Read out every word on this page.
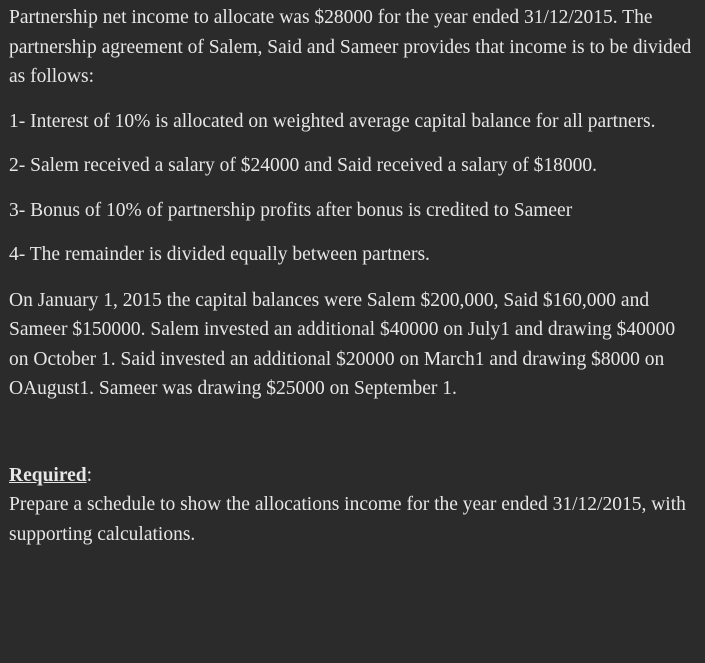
Partnership net income to allocate was $28000 for the year ended 31/12/2015. The partnership agreement of Salem, Said and Sameer provides that income is to be divided as follows:

1- Interest of 10% is allocated on weighted average capital balance for all partners.

2- Salem received a salary of $24000 and Said received a salary of $18000.

3- Bonus of 10% of partnership profits after bonus is credited to Sameer

4- The remainder is divided equally between partners.

On January 1, 2015 the capital balances were Salem $200,000, Said $160,000 and Sameer $150000. Salem invested an additional $40000 on July1 and drawing $40000 on October 1. Said invested an additional $20000 on March1 and drawing $8000 on OAugust1. Sameer was drawing $25000 on September 1.

Required:

Prepare a schedule to show the allocations income for the year ended 31/12/2015, with supporting calculations.
